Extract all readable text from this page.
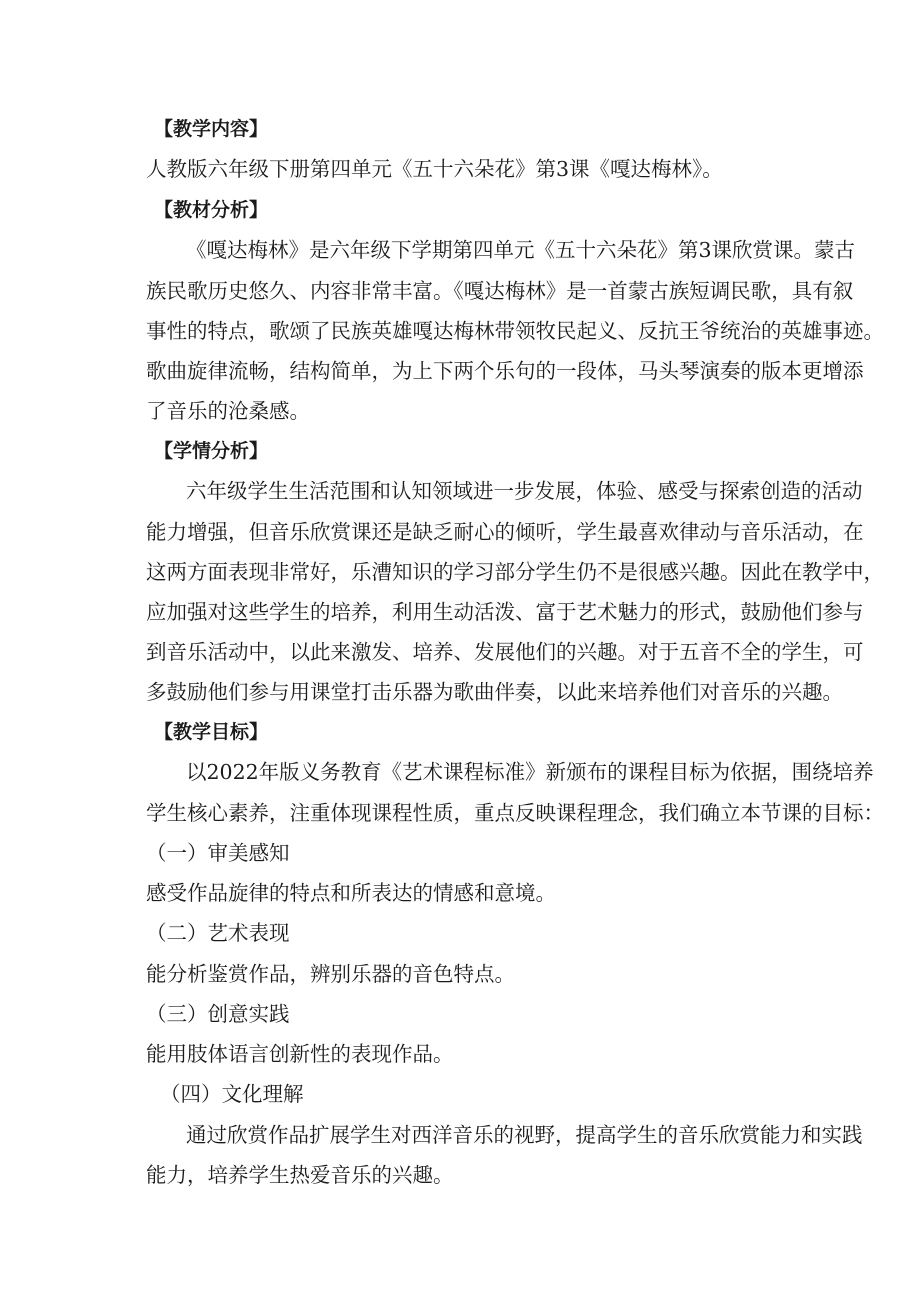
【教学内容】
人教版六年级下册第四单元《五十六朵花》第3课《嘎达梅林》。
【教材分析】
《嘎达梅林》是六年级下学期第四单元《五十六朵花》第3课欣赏课。蒙古
族民歌历史悠久、内容非常丰富。《嘎达梅林》是一首蒙古族短调民歌，具有叙
事性的特点，歌颂了民族英雄嘎达梅林带领牧民起义、反抗王爷统治的英雄事迹。
歌曲旋律流畅，结构简单，为上下两个乐句的一段体，马头琴演奏的版本更增添
了音乐的沧桑感。
【学情分析】
六年级学生生活范围和认知领域进一步发展，体验、感受与探索创造的活动
能力增强，但音乐欣赏课还是缺乏耐心的倾听，学生最喜欢律动与音乐活动，在
这两方面表现非常好，乐漕知识的学习部分学生仍不是很感兴趣。因此在教学中，
应加强对这些学生的培养，利用生动活泼、富于艺术魅力的形式，鼓励他们参与
到音乐活动中，以此来激发、培养、发展他们的兴趣。对于五音不全的学生，可
多鼓励他们参与用课堂打击乐器为歌曲伴奏，以此来培养他们对音乐的兴趣。
【教学目标】
以2022年版义务教育《艺术课程标准》新颁布的课程目标为依据，围绕培养
学生核心素养，注重体现课程性质，重点反映课程理念，我们确立本节课的目标：
（一）审美感知
感受作品旋律的特点和所表达的情感和意境。
（二）艺术表现
能分析鉴赏作品，辨别乐器的音色特点。
（三）创意实践
能用肢体语言创新性的表现作品。
（四）文化理解
通过欣赏作品扩展学生对西洋音乐的视野，提高学生的音乐欣赏能力和实践
能力，培养学生热爱音乐的兴趣。
